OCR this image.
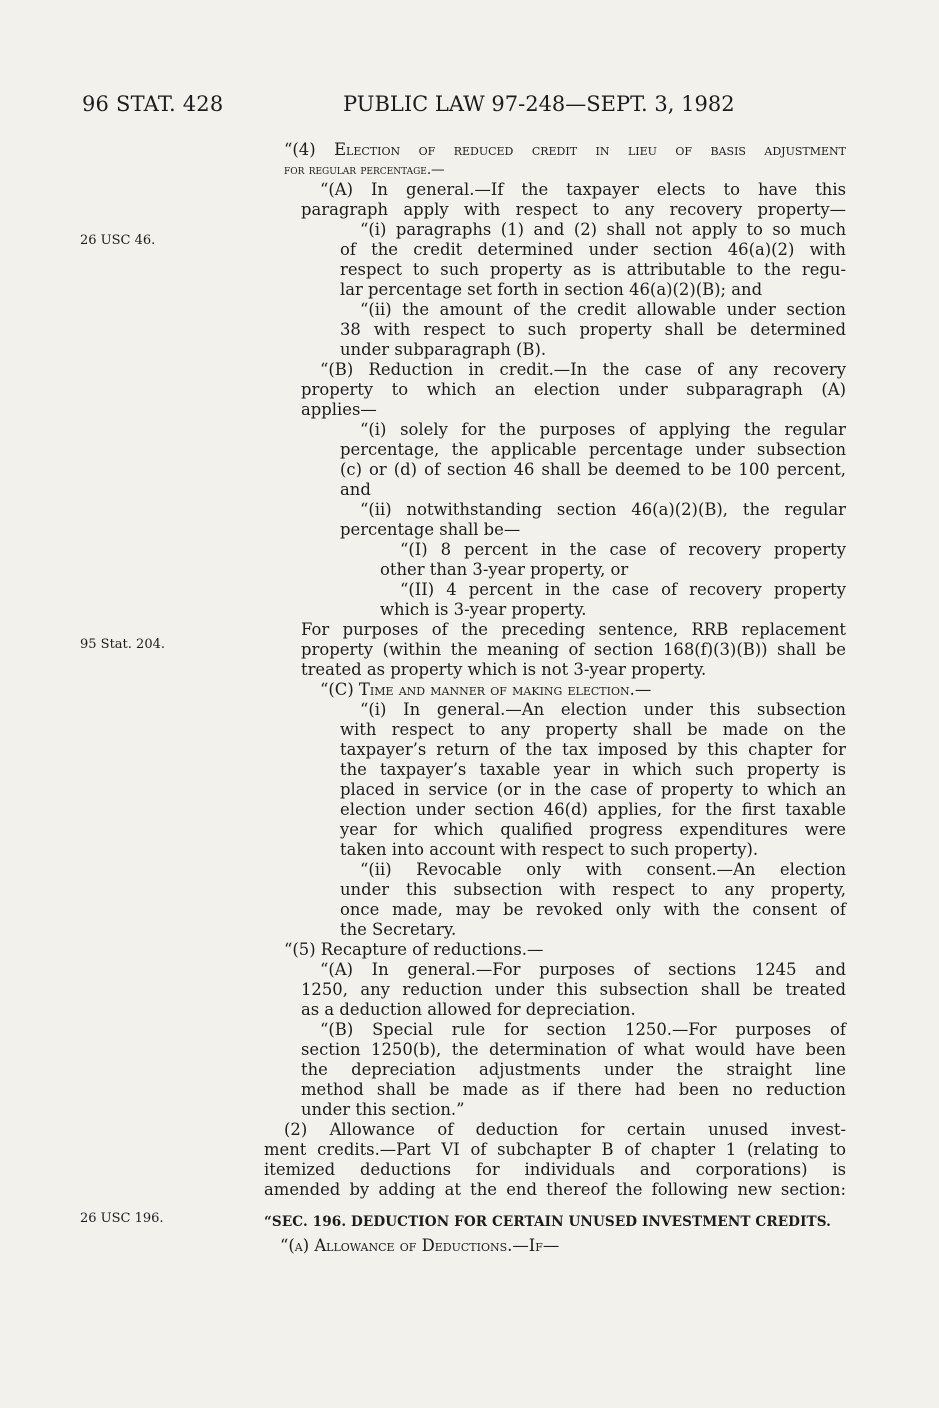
96 STAT. 428	PUBLIC LAW 97-248—SEPT. 3, 1982
26 USC 46.
95 Stat. 204.
26 USC 196.
“(4) Election of reduced credit in lieu of basis adjustment
for regular percentage.—
“(A) In general.—If the taxpayer elects to have this
paragraph apply with respect to any recovery property—
“(i) paragraphs (1) and (2) shall not apply to so much
of the credit determined under section 46(a)(2) with
respect to such property as is attributable to the regu-
lar percentage set forth in section 46(a)(2)(B); and
“(ii) the amount of the credit allowable under section
38 with respect to such property shall be determined
under subparagraph (B).
“(B) Reduction in credit.—In the case of any recovery
property to which an election under subparagraph (A)
applies—
“(i) solely for the purposes of applying the regular
percentage, the applicable percentage under subsection
(c) or (d) of section 46 shall be deemed to be 100 percent,
and
“(ii) notwithstanding section 46(a)(2)(B), the regular
percentage shall be—
“(I) 8 percent in the case of recovery property
other than 3-year property, or
“(II) 4 percent in the case of recovery property
which is 3-year property.
For purposes of the preceding sentence, RRB replacement
property (within the meaning of section 168(f)(3)(B)) shall be
treated as property which is not 3-year property.
“(C) Time and manner of making election.—
“(i) In general.—An election under this subsection
with respect to any property shall be made on the
taxpayer’s return of the tax imposed by this chapter for
the taxpayer’s taxable year in which such property is
placed in service (or in the case of property to which an
election under section 46(d) applies, for the first taxable
year for which qualified progress expenditures were
taken into account with respect to such property).
“(ii) Revocable only with consent.—An election
under this subsection with respect to any property,
once made, may be revoked only with the consent of
the Secretary.
“(5) Recapture of reductions.—
“(A) In general.—For purposes of sections 1245 and
1250, any reduction under this subsection shall be treated
as a deduction allowed for depreciation.
“(B) Special rule for section 1250.—For purposes of
section 1250(b), the determination of what would have been
the depreciation adjustments under the straight line
method shall be made as if there had been no reduction
under this section.”
(2) Allowance of deduction for certain unused invest-
ment credits.—Part VI of subchapter B of chapter 1 (relating to
itemized deductions for individuals and corporations) is
amended by adding at the end thereof the following new section:
“SEC. 196. DEDUCTION FOR CERTAIN UNUSED INVESTMENT CREDITS.
“(a) Allowance of Deductions.—If—
